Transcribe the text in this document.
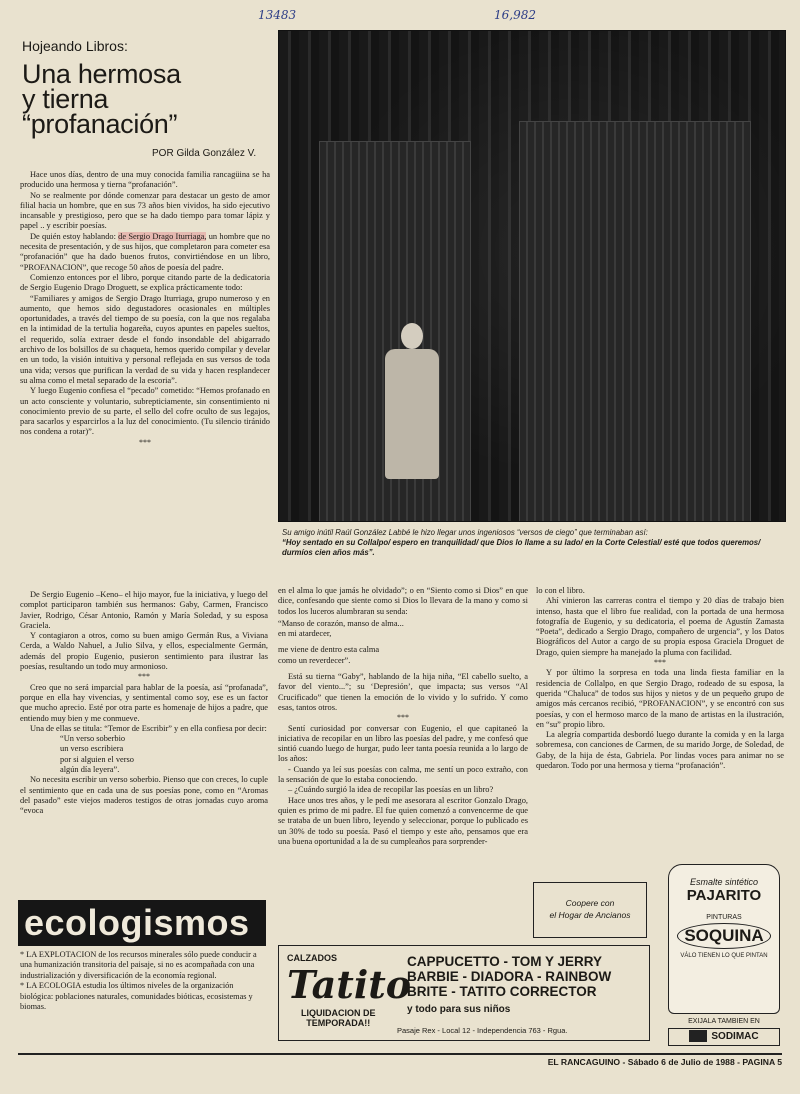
13483	16,982
Hojeando Libros:
Una hermosa
y tierna
“profanación”
POR Gilda González V.

Hace unos días, dentro de una muy conocida familia rancagüina se ha producido una hermosa y tierna “profanación”.

No se realmente por dónde comenzar para destacar un gesto de amor filial hacia un hombre, que en sus 73 años bien vividos, ha sido ejecutivo incansable y prestigioso, pero que se ha dado tiempo para tomar lápiz y papel .. y escribir poesías.

De quién estoy hablando: de Sergio Drago Iturriaga, un hombre que no necesita de presentación, y de sus hijos, que completaron para cometer esa “profanación” que ha dado buenos frutos, convirtiéndose en un libro, “PROFANACION”, que recoge 50 años de poesía del padre.

Comienzo entonces por el libro, porque citando parte de la dedicatoria de Sergio Eugenio Drago Droguett, se explica prácticamente todo:

“Familiares y amigos de Sergio Drago Iturriaga, grupo numeroso y en aumento, que hemos sido degustadores ocasionales en múltiples oportunidades, a través del tiempo de su poesía, con la que nos regalaba en la intimidad de la tertulia hogareña, cuyos apuntes en papeles sueltos, el requerido, solía extraer desde el fondo insondable del abigarrado archivo de los bolsillos de su chaqueta, hemos querido compilar y develar en un todo, la visión intuitiva y personal reflejada en sus versos de toda una vida; versos que purifican la verdad de su vida y hacen resplandecer su alma como el metal separado de la escoria”.

Y luego Eugenio confiesa el “pecado” cometido: “Hemos profanado en un acto consciente y voluntario, subrepticiamente, sin consentimiento ni conocimiento previo de su parte, el sello del cofre oculto de sus legajos, para sacarlos y esparcirlos a la luz del conocimiento. (Tu silencio tiránido nos condena a rotar)”.

***
Su amigo inútil Raúl González Labbé le hizo llegar unos ingeniosos “versos de ciego” que terminaban así:
“Hoy sentado en su Collalpo/ espero en tranquilidad/ que Dios lo llame a su lado/ en la Corte Celestial/ esté que todos queremos/ durmíos cien años más”.

De Sergio Eugenio –Keno– el hijo mayor, fue la iniciativa, y luego del complot participaron también sus hermanos: Gaby, Carmen, Francisco Javier, Rodrigo, César Antonio, Ramón y María Soledad, y su esposa Graciela.

Y contagiaron a otros, como su buen amigo Germán Rus, a Viviana Cerda, a Waldo Nahuel, a Julio Silva, y ellos, especialmente Germán, además del propio Eugenio, pusieron sentimiento para ilustrar las poesías, resultando un todo muy armonioso.

***

Creo que no será imparcial para hablar de la poesía, así “profanada”, porque en ella hay vivencias, y sentimental como soy, ese es un factor que mucho aprecio. Esté por otra parte es homenaje de hijos a padre, que entiendo muy bien y me conmueve.

Una de ellas se titula: “Temor de Escribir” y en ella confiesa por decir:

“Un verso soberbio
un verso escribiera
por si alguien el verso
algún día leyera”.

No necesita escribir un verso soberbio. Pienso que con creces, lo cuple el sentimiento que en cada una de sus poesías pone, como en “Aromas del pasado” este viejos maderos testigos de otras jornadas cuyo aroma “evoca

en el alma lo que jamás he olvidado”; o en “Siento como si Dios” en que dice, confesando que siente como si Dios lo llevara de la mano y como si todos los luceros alumbraran su senda:

“Manso de corazón, manso de alma...
en mi atardecer,
me viene de dentro esta calma
como un reverdecer”.

Está su tierna “Gaby”, hablando de la hija niña, “El cabello suelto, a favor del viento...”; su ‘Depresión’, que impacta; sus versos “Al Crucificado” que tienen la emoción de lo vivido y lo sufrido. Y como esas, tantos otros.

***

Sentí curiosidad por conversar con Eugenio, el que capitaneó la iniciativa de recopilar en un libro las poesías del padre, y me confesó que sintió cuando luego de hurgar, pudo leer tanta poesía reunida a lo largo de los años:

- Cuando ya leí sus poesías con calma, me sentí un poco extraño, con la sensación de que lo estaba conociendo.

– ¿Cuándo surgió la idea de recopilar las poesías en un libro?

Hace unos tres años, y le pedí me asesorara al escritor Gonzalo Drago, quien es primo de mi padre. El fue quien comenzó a convencerme de que se trataba de un buen libro, leyendo y seleccionar, porque lo publicado es un 30% de todo su poesía. Pasó el tiempo y este año, pensamos que era una buena oportunidad a la de su cumpleaños para sorprender-

lo con el libro.

Ahí vinieron las carreras contra el tiempo y 20 días de trabajo bien intenso, hasta que el libro fue realidad, con la portada de una hermosa fotografía de Eugenio, y su dedicatoria, el poema de Agustín Zamasta “Poeta”, dedicado a Sergio Drago, compañero de urgencia”, y los Datos Biográficos del Autor a cargo de su propia esposa Graciela Droguet de Drago, quien siempre ha manejado la pluma con facilidad.

***

Y por último la sorpresa en toda una linda fiesta familiar en la residencia de Collalpo, en que Sergio Drago, rodeado de su esposa, la querida “Chaluca” de todos sus hijos y nietos y de un pequeño grupo de amigos más cercanos recibió, “PROFANACION”, y se encontró con sus poesías, y con el hermoso marco de la mano de artistas en la ilustración, en “su” propio libro.

La alegría compartida desbordó luego durante la comida y en la larga sobremesa, con canciones de Carmen, de su marido Jorge, de Soledad, de Gaby, de la hija de ésta, Gabriela. Por lindas voces para animar no se quedaron. Todo por una hermosa y tierna “profanación”.

ecologismos
* LA EXPLOTACION de los recursos minerales sólo puede conducir a una humanización transitoria del paisaje, si no es acompañada con una industrialización y diversificación de la economía regional.
* LA ECOLOGIA estudia los últimos niveles de la organización biológica: poblaciones naturales, comunidades bióticas, ecosistemas y biomas.
Coopere con
el Hogar de Ancianos
CALZADOS
Tatito
LIQUIDACION DE
TEMPORADA!!
CAPPUCETTO - TOM Y JERRY
BARBIE - DIADORA - RAINBOW
BRITE - TATITO CORRECTOR
y todo para sus niños
Pasaje Rex - Local 12 - Independencia 763 - Rgua.
Esmalte sintético
PAJARITO
PINTURAS
SOQUINA
VÁLO TIENEN LO QUE PINTAN
EXIJALA TAMBIEN EN
SODIMAC
EL RANCAGUINO - Sábado 6 de Julio de 1988 - PAGINA 5
